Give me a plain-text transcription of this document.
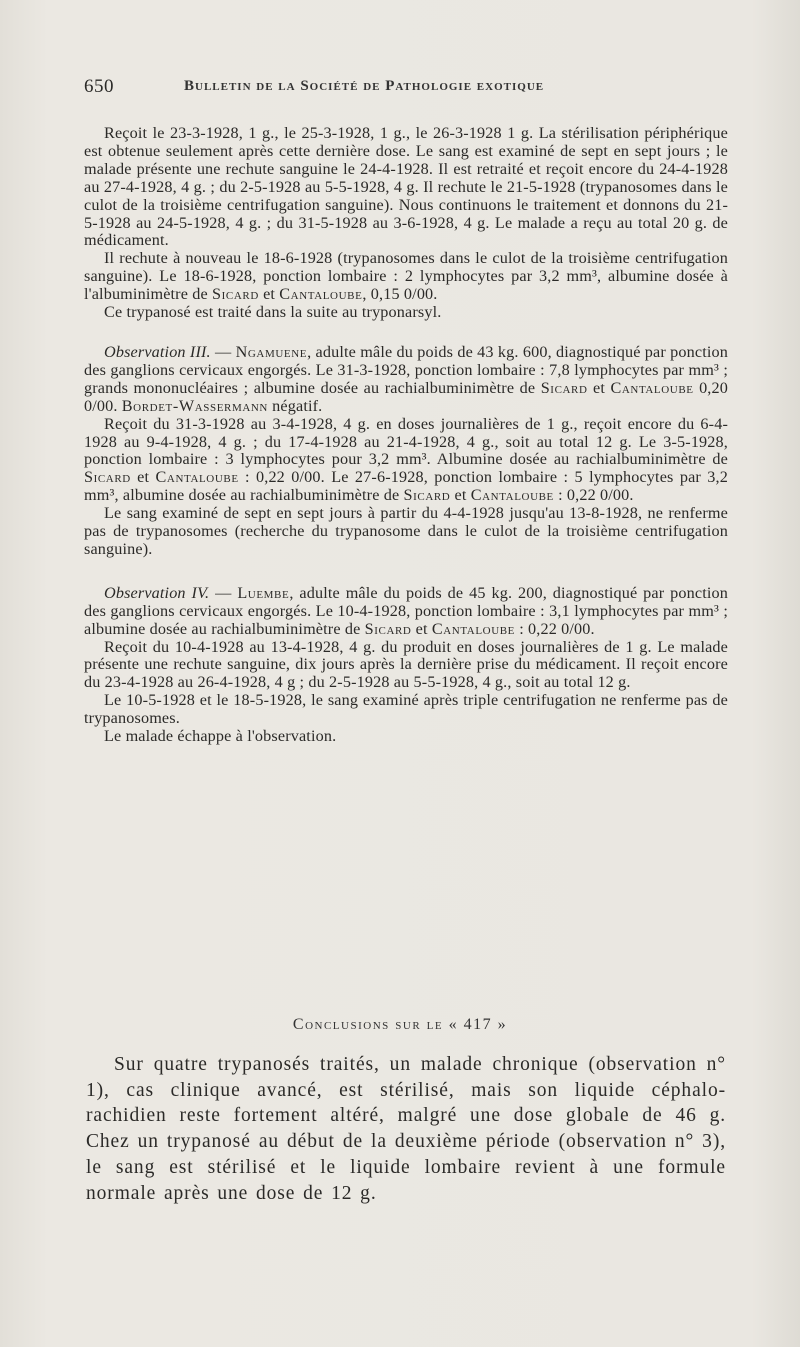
650	Bulletin de la Société de Pathologie exotique

Reçoit le 23-3-1928, 1 g., le 25-3-1928, 1 g., le 26-3-1928 1 g. La stérilisation périphérique est obtenue seulement après cette dernière dose. Le sang est examiné de sept en sept jours ; le malade présente une rechute sanguine le 24-4-1928. Il est retraité et reçoit encore du 24-4-1928 au 27-4-1928, 4 g. ; du 2-5-1928 au 5-5-1928, 4 g. Il rechute le 21-5-1928 (trypanosomes dans le culot de la troisième centrifugation sanguine). Nous continuons le traitement et donnons du 21-5-1928 au 24-5-1928, 4 g. ; du 31-5-1928 au 3-6-1928, 4 g. Le malade a reçu au total 20 g. de médicament.

Il rechute à nouveau le 18-6-1928 (trypanosomes dans le culot de la troisième centrifugation sanguine). Le 18-6-1928, ponction lombaire : 2 lymphocytes par 3,2 mm³, albumine dosée à l'albuminimètre de Sicard et Cantaloube, 0,15 0/00.

Ce trypanosé est traité dans la suite au tryponarsyl.

Observation III. — Ngamuene, adulte mâle du poids de 43 kg. 600, diagnostiqué par ponction des ganglions cervicaux engorgés. Le 31-3-1928, ponction lombaire : 7,8 lymphocytes par mm³ ; grands mononucléaires ; albumine dosée au rachialbuminimètre de Sicard et Cantaloube 0,20 0/00. Bordet-Wassermann négatif.

Reçoit du 31-3-1928 au 3-4-1928, 4 g. en doses journalières de 1 g., reçoit encore du 6-4-1928 au 9-4-1928, 4 g. ; du 17-4-1928 au 21-4-1928, 4 g., soit au total 12 g. Le 3-5-1928, ponction lombaire : 3 lymphocytes pour 3,2 mm³. Albumine dosée au rachialbuminimètre de Sicard et Cantaloube : 0,22 0/00. Le 27-6-1928, ponction lombaire : 5 lymphocytes par 3,2 mm³, albumine dosée au rachialbuminimètre de Sicard et Cantaloube : 0,22 0/00.

Le sang examiné de sept en sept jours à partir du 4-4-1928 jusqu'au 13-8-1928, ne renferme pas de trypanosomes (recherche du trypanosome dans le culot de la troisième centrifugation sanguine).

Observation IV. — Luembe, adulte mâle du poids de 45 kg. 200, diagnostiqué par ponction des ganglions cervicaux engorgés. Le 10-4-1928, ponction lombaire : 3,1 lymphocytes par mm³ ; albumine dosée au rachialbuminimètre de Sicard et Cantaloube : 0,22 0/00.

Reçoit du 10-4-1928 au 13-4-1928, 4 g. du produit en doses journalières de 1 g. Le malade présente une rechute sanguine, dix jours après la dernière prise du médicament. Il reçoit encore du 23-4-1928 au 26-4-1928, 4 g ; du 2-5-1928 au 5-5-1928, 4 g., soit au total 12 g.

Le 10-5-1928 et le 18-5-1928, le sang examiné après triple centrifugation ne renferme pas de trypanosomes.

Le malade échappe à l'observation.

Conclusions sur le « 417 »

Sur quatre trypanosés traités, un malade chronique (observation n° 1), cas clinique avancé, est stérilisé, mais son liquide céphalo-rachidien reste fortement altéré, malgré une dose globale de 46 g. Chez un trypanosé au début de la deuxième période (observation n° 3), le sang est stérilisé et le liquide lombaire revient à une formule normale après une dose de 12 g.
